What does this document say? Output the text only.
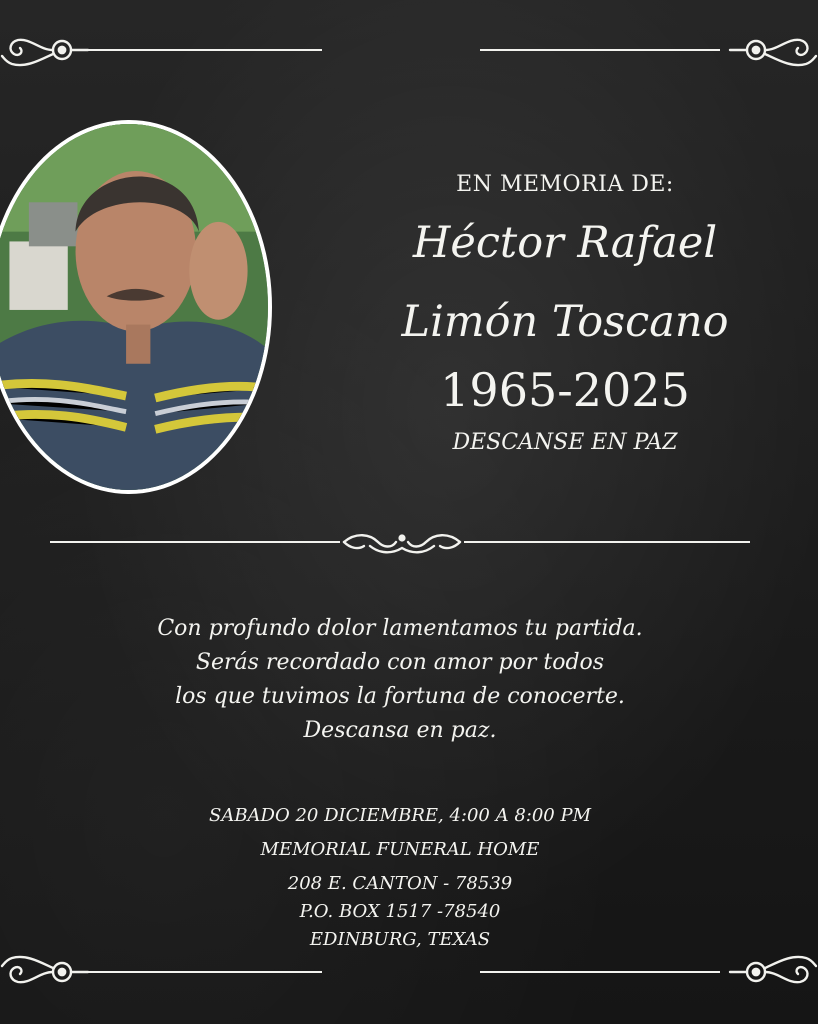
EN MEMORIA DE:
Héctor Rafael
Limón Toscano
1965-2025
DESCANSE EN PAZ
Con profundo dolor lamentamos tu partida.
Serás recordado con amor por todos
los que tuvimos la fortuna de conocerte.
Descansa en paz.
SABADO 20 DICIEMBRE, 4:00 A 8:00 PM
MEMORIAL FUNERAL HOME
208 E. CANTON - 78539
P.O. BOX 1517 -78540
EDINBURG, TEXAS
